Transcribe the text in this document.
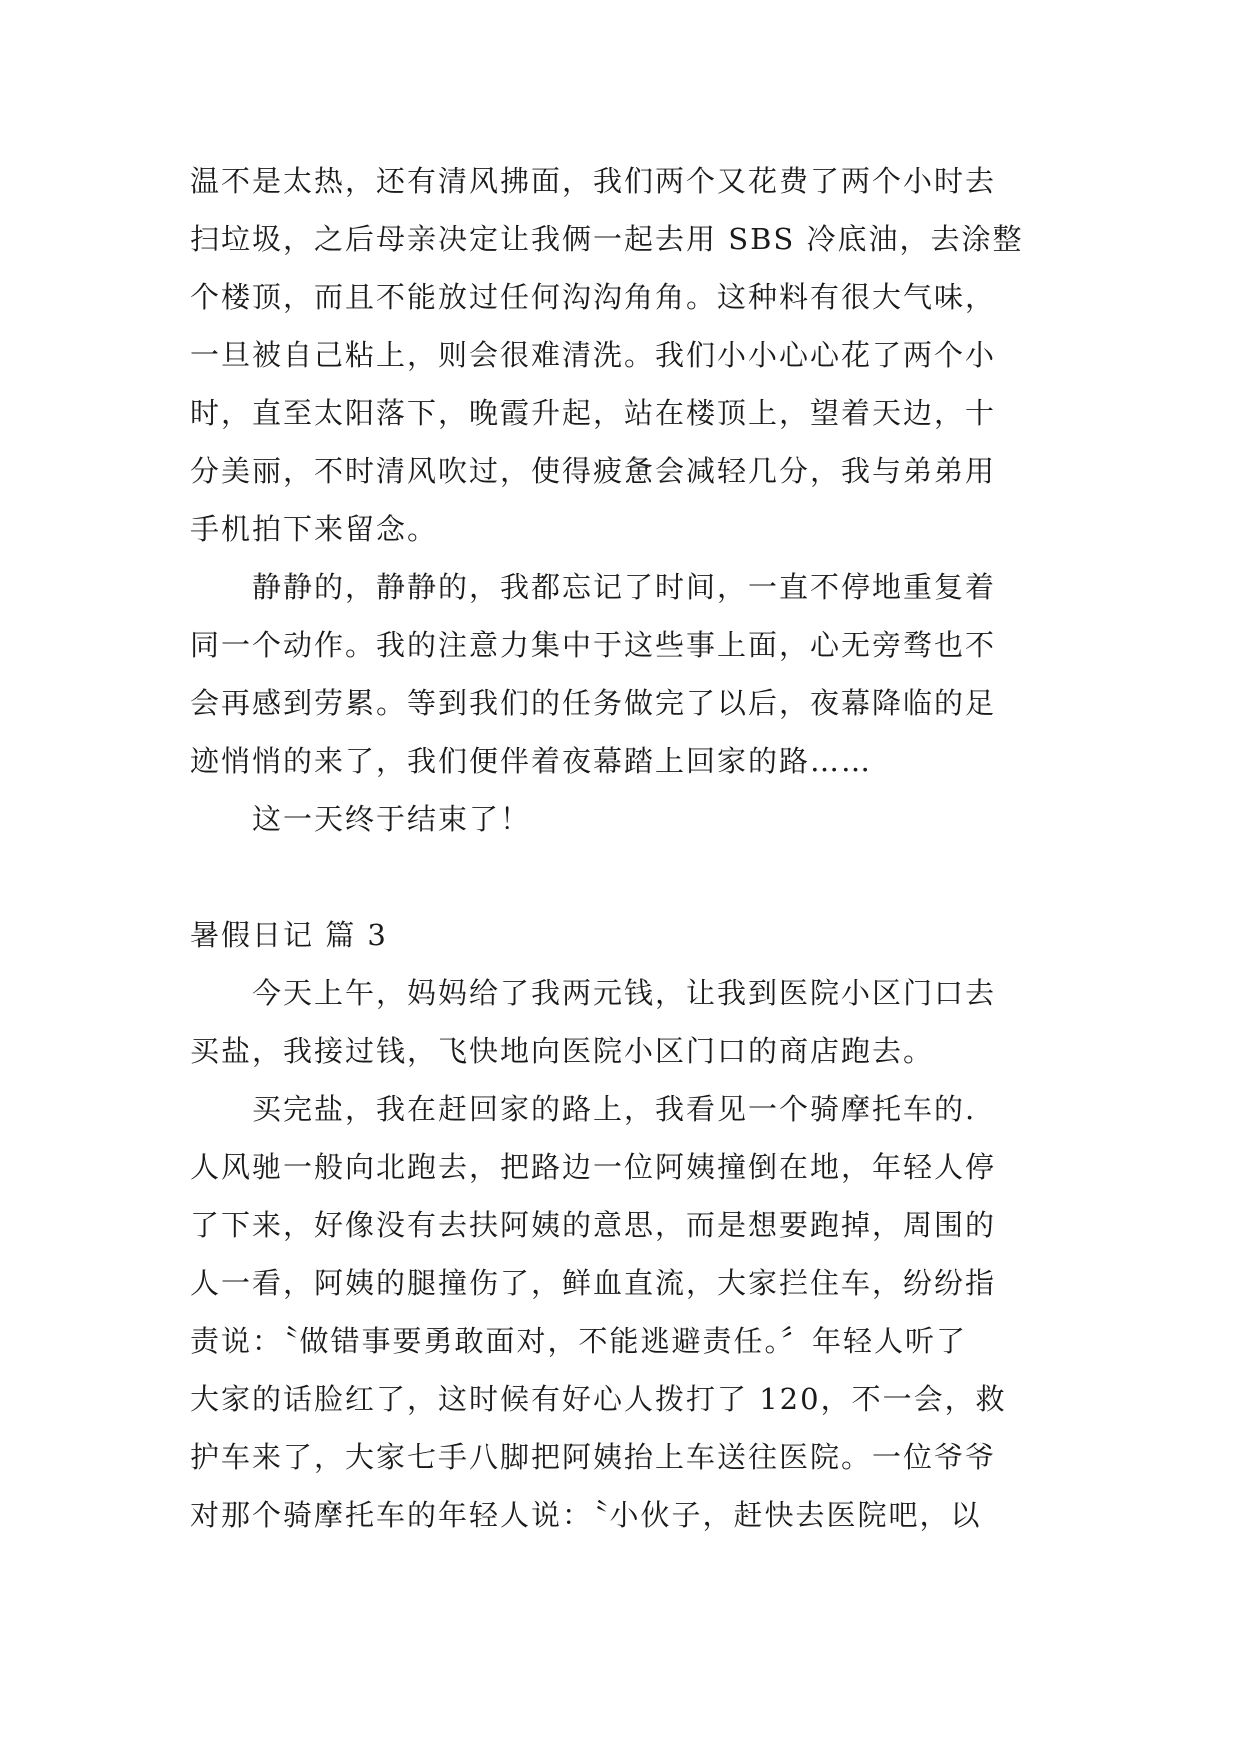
温不是太热，还有清风拂面，我们两个又花费了两个小时去
扫垃圾，之后母亲决定让我俩一起去用 SBS 冷底油，去涂整
个楼顶，而且不能放过任何沟沟角角。这种料有很大气味，
一旦被自己粘上，则会很难清洗。我们小小心心花了两个小
时，直至太阳落下，晚霞升起，站在楼顶上，望着天边，十
分美丽，不时清风吹过，使得疲惫会减轻几分，我与弟弟用
手机拍下来留念。
静静的，静静的，我都忘记了时间，一直不停地重复着
同一个动作。我的注意力集中于这些事上面，心无旁骛也不
会再感到劳累。等到我们的任务做完了以后，夜幕降临的足
迹悄悄的来了，我们便伴着夜幕踏上回家的路……
这一天终于结束了！
暑假日记 篇 3
今天上午，妈妈给了我两元钱，让我到医院小区门口去
买盐，我接过钱，飞快地向医院小区门口的商店跑去。
买完盐，我在赶回家的路上，我看见一个骑摩托车的.
人风驰一般向北跑去，把路边一位阿姨撞倒在地，年轻人停
了下来，好像没有去扶阿姨的意思，而是想要跑掉，周围的
人一看，阿姨的腿撞伤了，鲜血直流，大家拦住车，纷纷指
责说：〝做错事要勇敢面对，不能逃避责任。〞年轻人听了
大家的话脸红了，这时候有好心人拨打了 120，不一会，救
护车来了，大家七手八脚把阿姨抬上车送往医院。一位爷爷
对那个骑摩托车的年轻人说：〝小伙子，赶快去医院吧，以
